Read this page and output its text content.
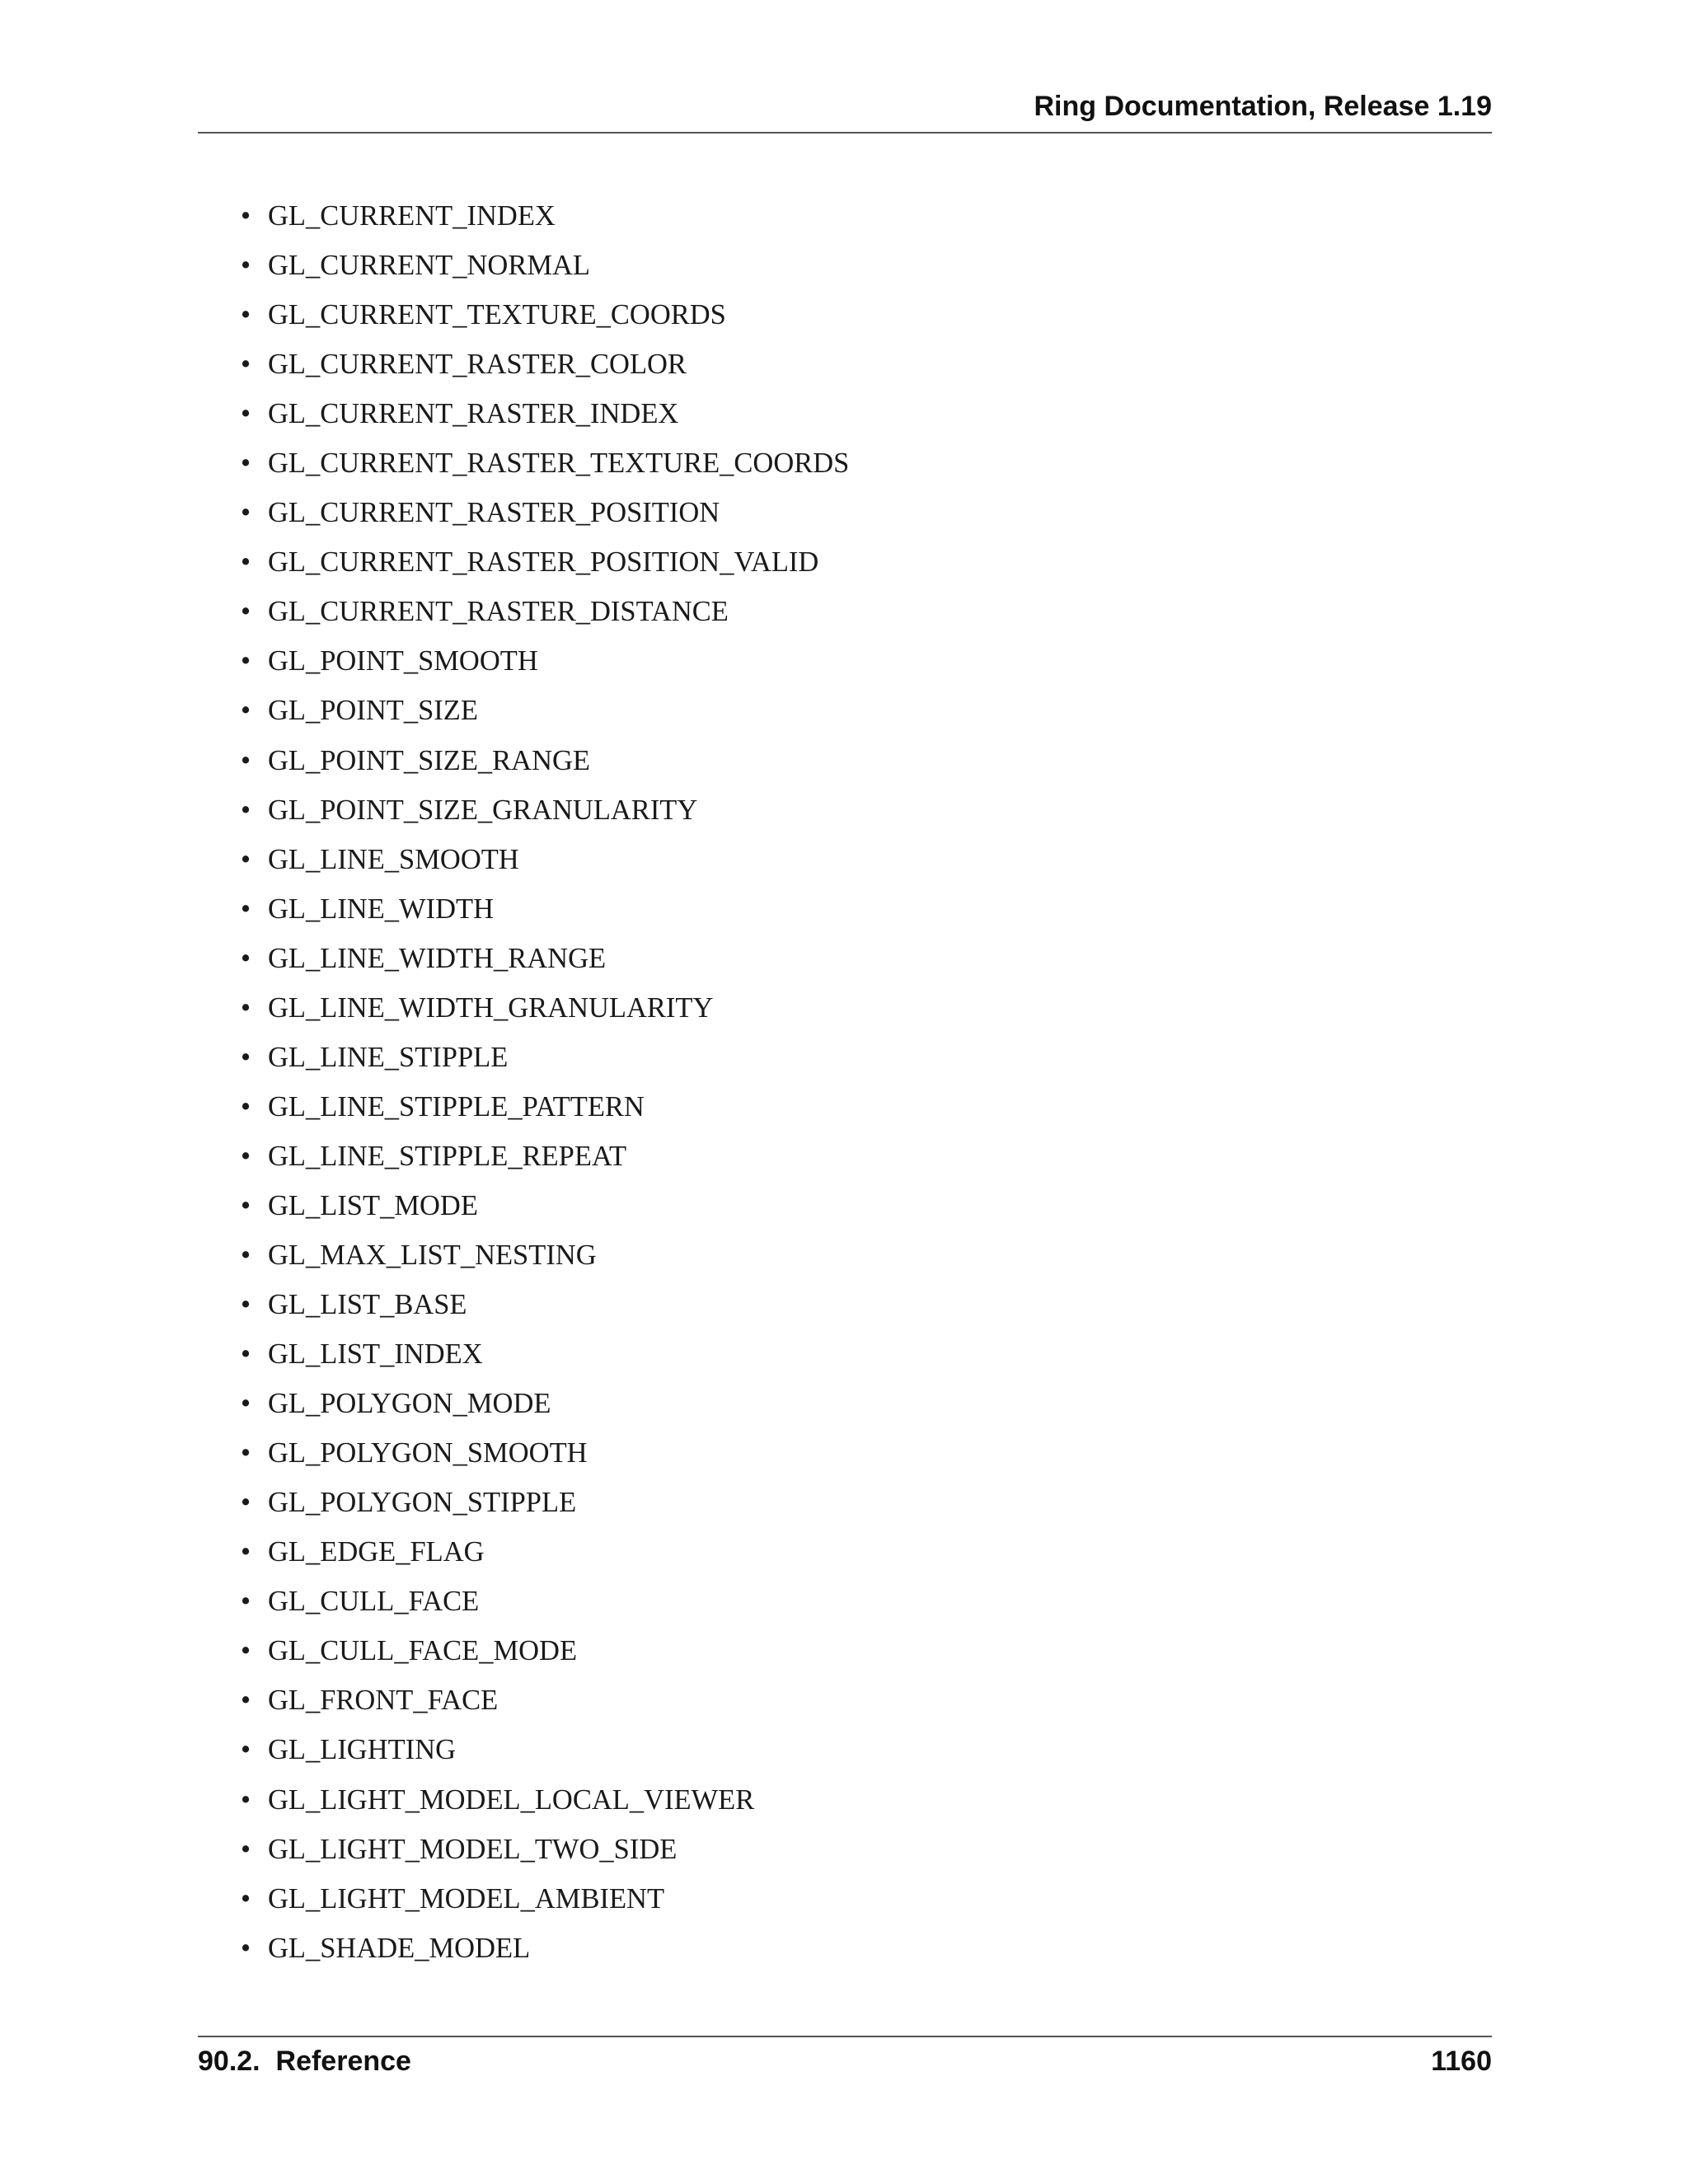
Ring Documentation, Release 1.19
• GL_CURRENT_INDEX
• GL_CURRENT_NORMAL
• GL_CURRENT_TEXTURE_COORDS
• GL_CURRENT_RASTER_COLOR
• GL_CURRENT_RASTER_INDEX
• GL_CURRENT_RASTER_TEXTURE_COORDS
• GL_CURRENT_RASTER_POSITION
• GL_CURRENT_RASTER_POSITION_VALID
• GL_CURRENT_RASTER_DISTANCE
• GL_POINT_SMOOTH
• GL_POINT_SIZE
• GL_POINT_SIZE_RANGE
• GL_POINT_SIZE_GRANULARITY
• GL_LINE_SMOOTH
• GL_LINE_WIDTH
• GL_LINE_WIDTH_RANGE
• GL_LINE_WIDTH_GRANULARITY
• GL_LINE_STIPPLE
• GL_LINE_STIPPLE_PATTERN
• GL_LINE_STIPPLE_REPEAT
• GL_LIST_MODE
• GL_MAX_LIST_NESTING
• GL_LIST_BASE
• GL_LIST_INDEX
• GL_POLYGON_MODE
• GL_POLYGON_SMOOTH
• GL_POLYGON_STIPPLE
• GL_EDGE_FLAG
• GL_CULL_FACE
• GL_CULL_FACE_MODE
• GL_FRONT_FACE
• GL_LIGHTING
• GL_LIGHT_MODEL_LOCAL_VIEWER
• GL_LIGHT_MODEL_TWO_SIDE
• GL_LIGHT_MODEL_AMBIENT
• GL_SHADE_MODEL
90.2.  Reference	1160
